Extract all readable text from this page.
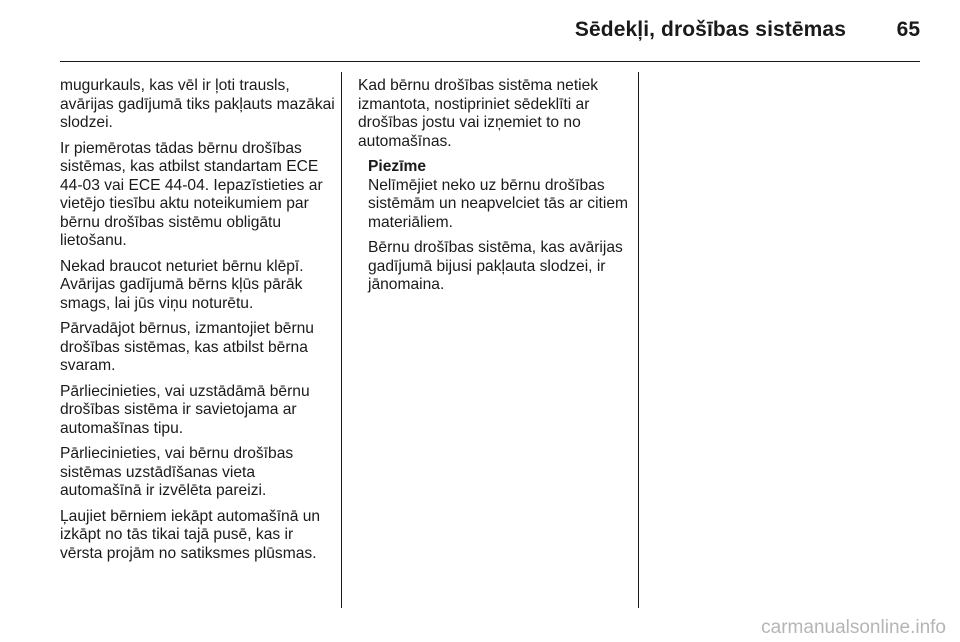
Sēdekļi, drošības sistēmas 65

mugurkauls, kas vēl ir ļoti trausls, avārijas gadījumā tiks pakļauts mazākai slodzei.

Ir piemērotas tādas bērnu drošības sistēmas, kas atbilst standartam ECE 44-03 vai ECE 44-04. Iepazīstieties ar vietējo tiesību aktu noteikumiem par bērnu drošības sistēmu obligātu lietošanu.

Nekad braucot neturiet bērnu klēpī. Avārijas gadījumā bērns kļūs pārāk smags, lai jūs viņu noturētu.

Pārvadājot bērnus, izmantojiet bērnu drošības sistēmas, kas atbilst bērna svaram.

Pārliecinieties, vai uzstādāmā bērnu drošības sistēma ir savietojama ar automašīnas tipu.

Pārliecinieties, vai bērnu drošības sistēmas uzstādīšanas vieta automašīnā ir izvēlēta pareizi.

Ļaujiet bērniem iekāpt automašīnā un izkāpt no tās tikai tajā pusē, kas ir vērsta projām no satiksmes plūsmas.

Kad bērnu drošības sistēma netiek izmantota, nostipriniet sēdeklīti ar drošības jostu vai izņemiet to no automašīnas.

Piezīme

Nelīmējiet neko uz bērnu drošības sistēmām un neapvelciet tās ar citiem materiāliem.

Bērnu drošības sistēma, kas avārijas gadījumā bijusi pakļauta slodzei, ir jānomaina.

carmanualsonline.info
